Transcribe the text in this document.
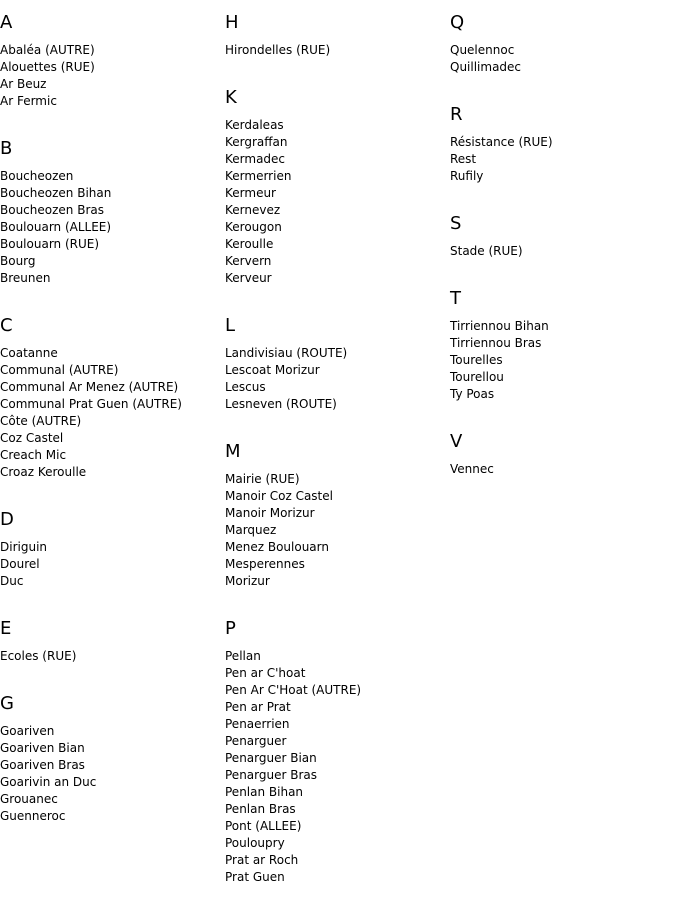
A
Abaléa (AUTRE)
Alouettes (RUE)
Ar Beuz
Ar Fermic
B
Boucheozen
Boucheozen Bihan
Boucheozen Bras
Boulouarn (ALLEE)
Boulouarn (RUE)
Bourg
Breunen
C
Coatanne
Communal (AUTRE)
Communal Ar Menez (AUTRE)
Communal Prat Guen (AUTRE)
Côte (AUTRE)
Coz Castel
Creach Mic
Croaz Keroulle
D
Diriguin
Dourel
Duc
E
Ecoles (RUE)
G
Goariven
Goariven Bian
Goariven Bras
Goarivin an Duc
Grouanec
Guenneroc
H
Hirondelles (RUE)
K
Kerdaleas
Kergraffan
Kermadec
Kermerrien
Kermeur
Kernevez
Kerougon
Keroulle
Kervern
Kerveur
L
Landivisiau (ROUTE)
Lescoat Morizur
Lescus
Lesneven (ROUTE)
M
Mairie (RUE)
Manoir Coz Castel
Manoir Morizur
Marquez
Menez Boulouarn
Mesperennes
Morizur
P
Pellan
Pen ar C'hoat
Pen Ar C'Hoat (AUTRE)
Pen ar Prat
Penaerrien
Penarguer
Penarguer Bian
Penarguer Bras
Penlan Bihan
Penlan Bras
Pont (ALLEE)
Pouloupry
Prat ar Roch
Prat Guen
Q
Quelennoc
Quillimadec
R
Résistance (RUE)
Rest
Rufily
S
Stade (RUE)
T
Tirriennou Bihan
Tirriennou Bras
Tourelles
Tourellou
Ty Poas
V
Vennec
